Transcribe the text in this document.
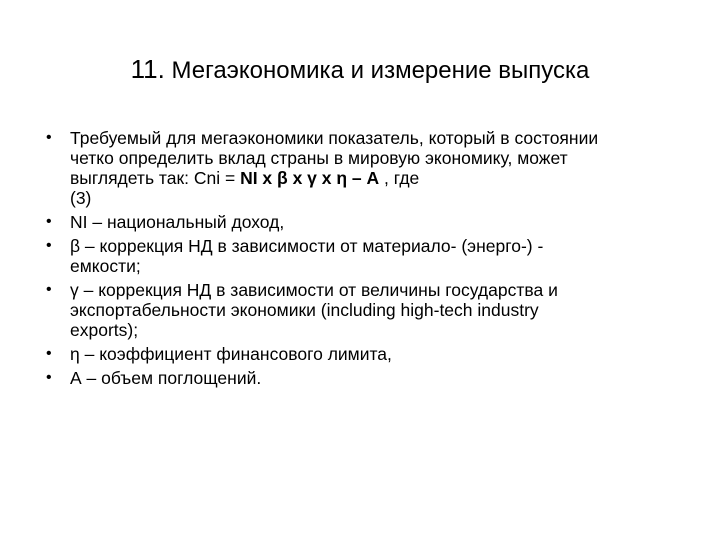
11. Мегаэкономика и измерение выпуска
•	Требуемый для мегаэкономики показатель, который в состоянии
четко определить вклад страны в мировую экономику, может
выглядеть так: Cni = NI x β x γ x η – A , где
(3)
•	NI – национальный доход,
•	β – коррекция НД в зависимости от материало- (энерго-) -
емкости;
•	γ – коррекция НД в зависимости от величины государства и
экспортабельности экономики (including high-tech industry
exports);
•	η – коэффициент финансового лимита,
•	А – объем поглощений.
